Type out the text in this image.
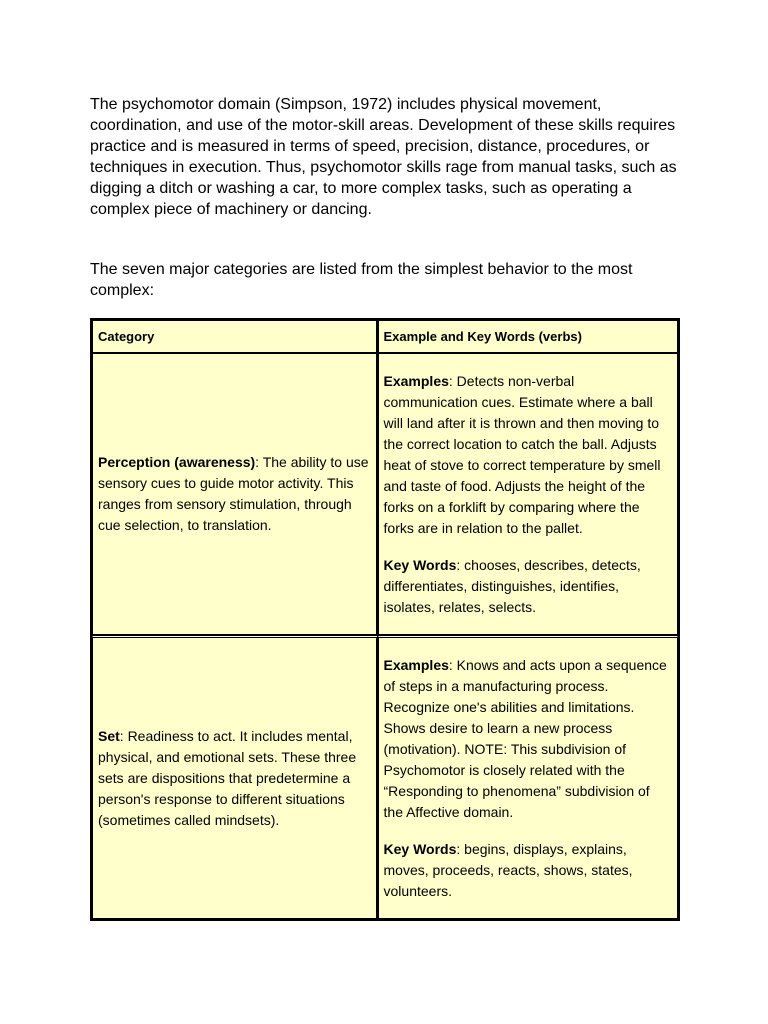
The psychomotor domain (Simpson, 1972) includes physical movement, coordination, and use of the motor-skill areas. Development of these skills requires practice and is measured in terms of speed, precision, distance, procedures, or techniques in execution. Thus, psychomotor skills rage from manual tasks, such as digging a ditch or washing a car, to more complex tasks, such as operating a complex piece of machinery or dancing.

The seven major categories are listed from the simplest behavior to the most complex:

Category	Example and Key Words (verbs)
Perception (awareness): The ability to use sensory cues to guide motor activity. This ranges from sensory stimulation, through cue selection, to translation.	Examples: Detects non-verbal communication cues. Estimate where a ball will land after it is thrown and then moving to the correct location to catch the ball. Adjusts heat of stove to correct temperature by smell and taste of food. Adjusts the height of the forks on a forklift by comparing where the forks are in relation to the pallet.

Key Words: chooses, describes, detects, differentiates, distinguishes, identifies, isolates, relates, selects.

Set: Readiness to act. It includes mental, physical, and emotional sets. These three sets are dispositions that predetermine a person's response to different situations (sometimes called mindsets).	Examples: Knows and acts upon a sequence of steps in a manufacturing process. Recognize one's abilities and limitations. Shows desire to learn a new process (motivation). NOTE: This subdivision of Psychomotor is closely related with the “Responding to phenomena” subdivision of the Affective domain.

Key Words: begins, displays, explains, moves, proceeds, reacts, shows, states, volunteers.
